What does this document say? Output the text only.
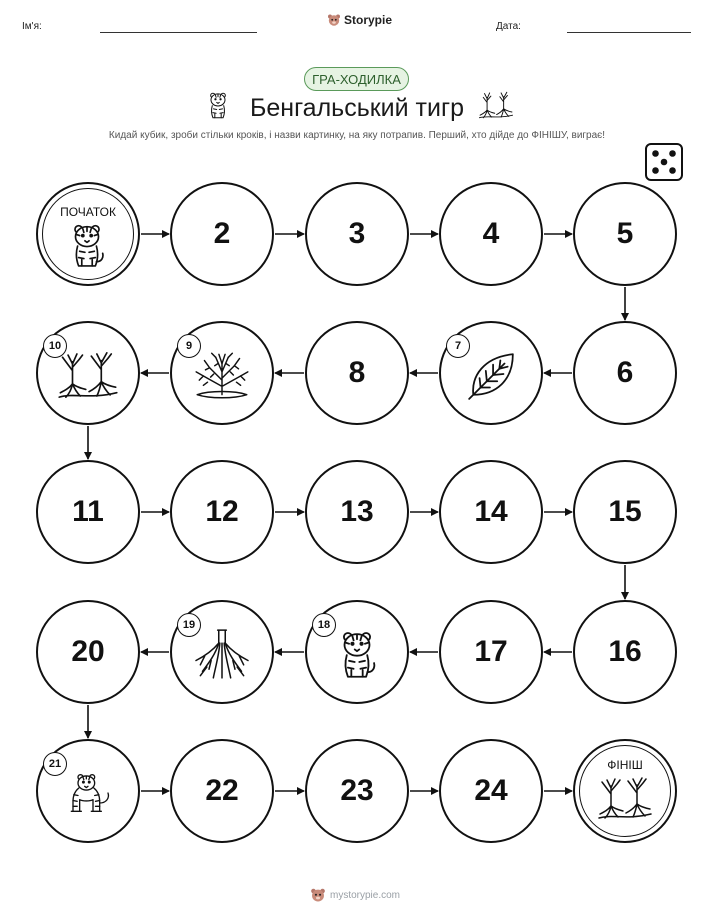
Ім'я:	Storypie	Дата:
ГРА-ХОДИЛКА
Бенгальський тигр
Кидай кубик, зроби стільки кроків, і назви картинку, на яку потрапив. Перший, хто дійде до ФІНІШУ, виграє!
ПОЧАТОК
2	3	4	5
6
7
8
9
10
11	12	13	14	15
16
17
18
19
20
21
22	23	24
ФІНІШ
mystorypie.com
